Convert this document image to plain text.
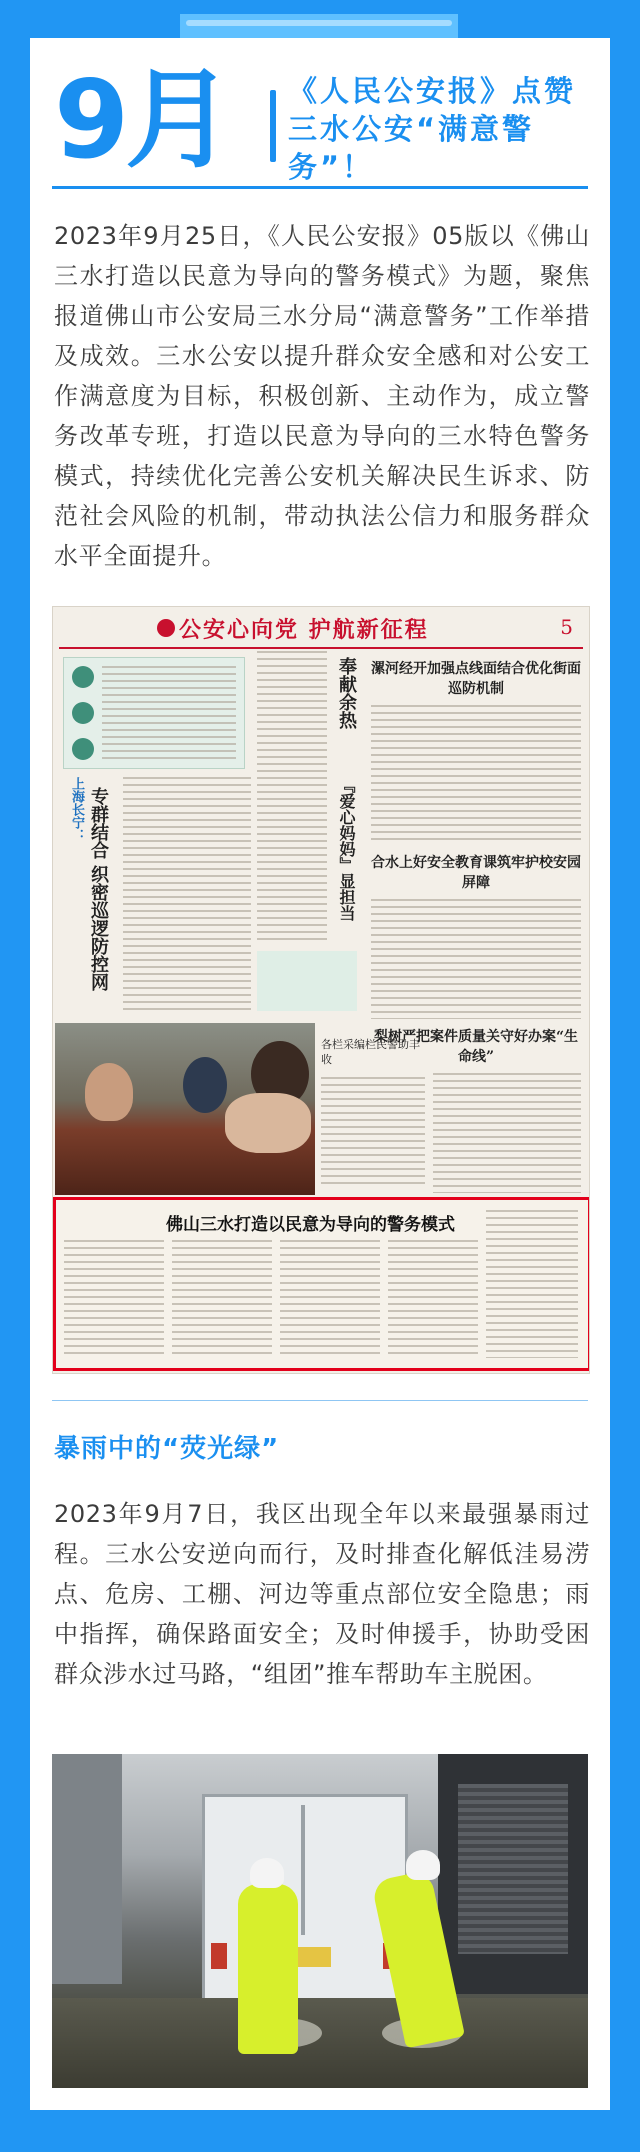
9月 《人民公安报》点赞三水公安“满意警务”！
2023年9月25日，《人民公安报》05版以《佛山三水打造以民意为导向的警务模式》为题，聚焦报道佛山市公安局三水分局“满意警务”工作举措及成效。三水公安以提升群众安全感和对公安工作满意度为目标，积极创新、主动作为，成立警务改革专班，打造以民意为导向的三水特色警务模式，持续优化完善公安机关解决民生诉求、防范社会风险的机制，带动执法公信力和服务群众水平全面提升。
公安心向党 护航新征程	5
上海长宁： 专群结合 织密巡逻防控网
奉献余热
『爱心妈妈』显担当
漯河经开加强点线面结合优化街面巡防机制
合水上好安全教育课筑牢护校安园屏障
梨树严把案件质量关守好办案“生命线”
各栏采编栏民警助丰收
佛山三水打造以民意为导向的警务模式
暴雨中的“荧光绿”
2023年9月7日，我区出现全年以来最强暴雨过程。三水公安逆向而行，及时排查化解低洼易涝点、危房、工棚、河边等重点部位安全隐患；雨中指挥，确保路面安全；及时伸援手，协助受困群众涉水过马路，“组团”推车帮助车主脱困。
